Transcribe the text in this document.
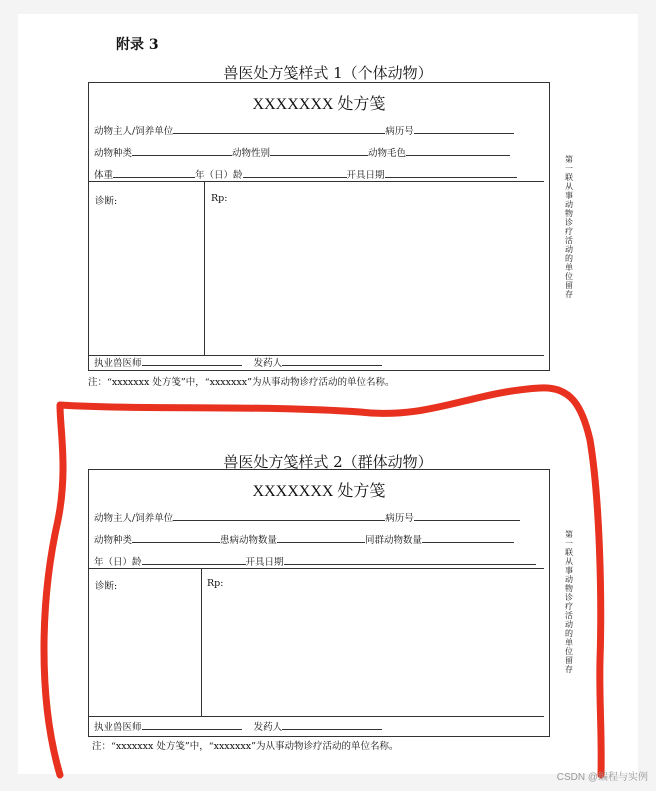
附录 3
兽医处方笺样式 1（个体动物）
XXXXXXX 处方笺
动物主人/饲养单位	病历号
动物种类	动物性别	动物毛色
体重	年（日）龄	开具日期
诊断:	Rp:
执业兽医师	发药人
第一联 从事动物诊疗活动的单位留存
注：“xxxxxxx 处方笺”中，“xxxxxxx”为从事动物诊疗活动的单位名称。
兽医处方笺样式 2（群体动物）
XXXXXXX 处方笺
动物主人/饲养单位	病历号
动物种类	患病动物数量	同群动物数量
年（日）龄	开具日期
诊断:	Rp:
执业兽医师	发药人
第一联 从事动物诊疗活动的单位留存
注：“xxxxxxx 处方笺”中，“xxxxxxx”为从事动物诊疗活动的单位名称。
CSDN @编程与实例
